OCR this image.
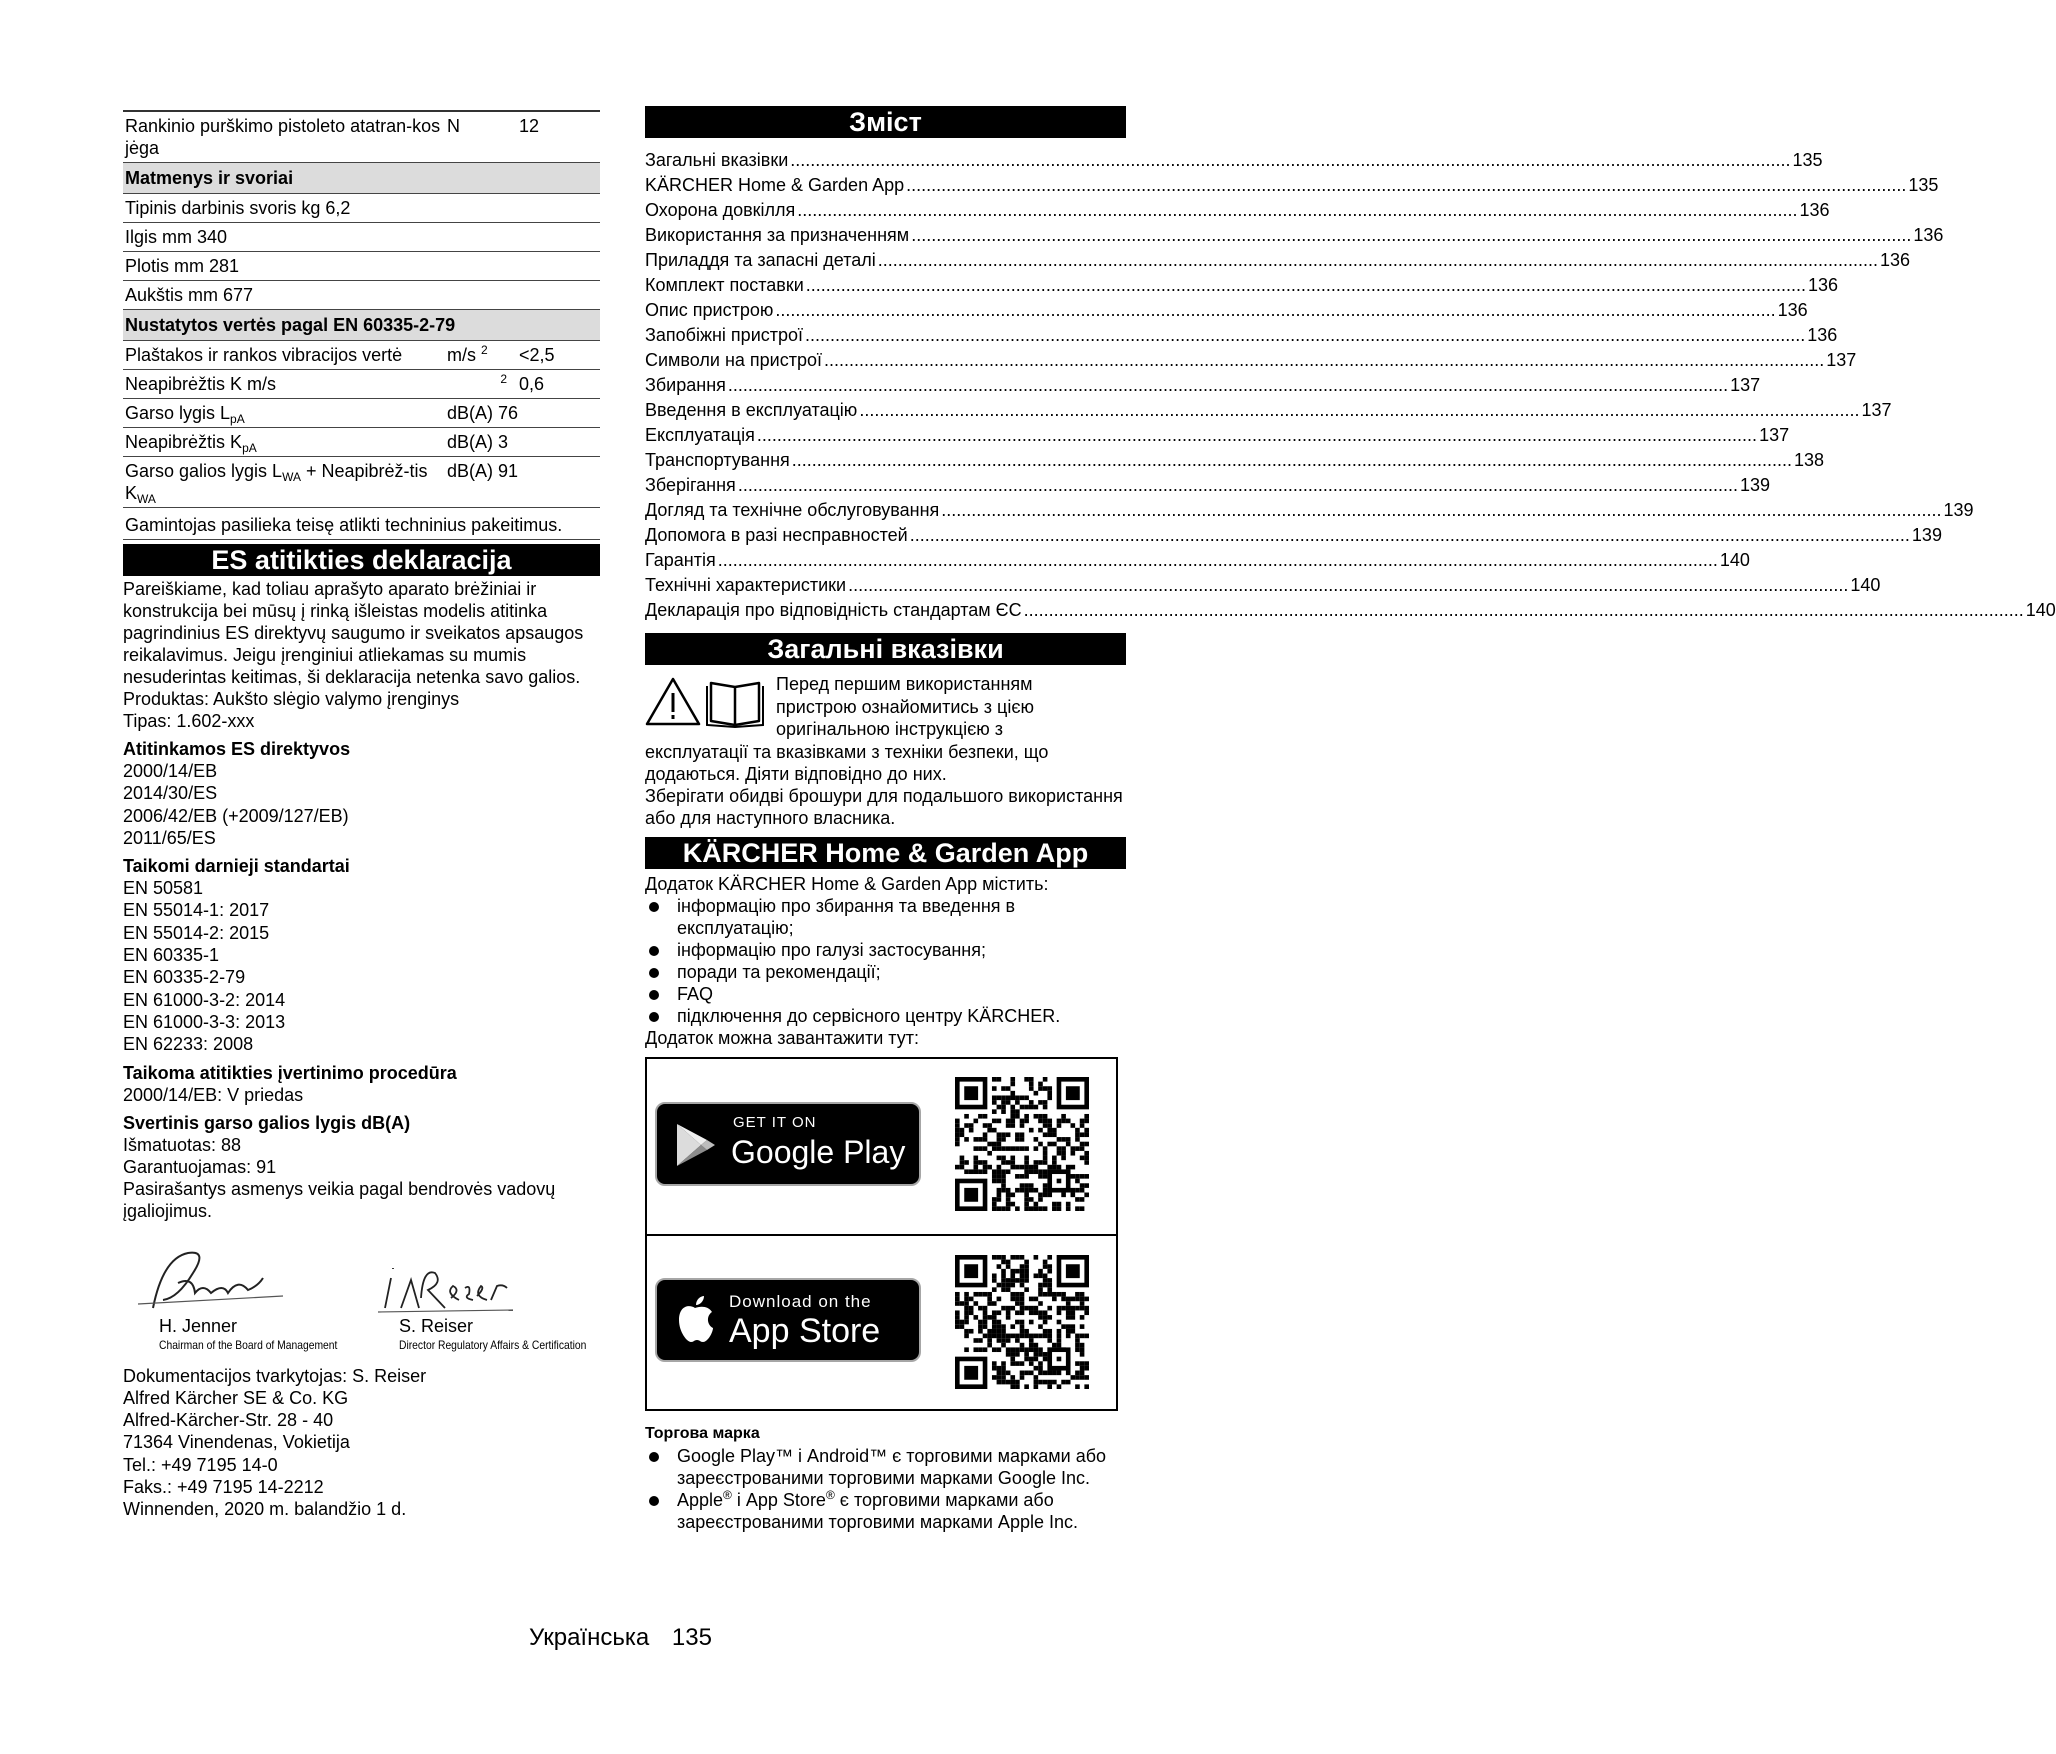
Rankinio purškimo pistoleto atatran-kos jėga	N	12
Matmenys ir svoriai		
Tipinis darbinis svoris kg 6,2		
Ilgis mm 340		
Plotis mm 281		
Aukštis mm 677		
Nustatytos vertės pagal EN 60335-2-79		
Plaštakos ir rankos vibracijos vertė	m/s $^2$	<2,5
Neapibrėžtis K m/s	$^2$	0,6
Garso lygis $L_{pA}$	dB(A) 76	
Neapibrėžtis $K_{pA}$	dB(A) 3	
Garso galios lygis $L_{WA}$ + Neapibrėž-tis $K_{WA}$	dB(A) 91	
Gamintojas pasilieka teisę atlikti techninius pakeitimus.		
ES atitikties deklaracija

Pareiškiame, kad toliau aprašyto aparato brėžiniai ir konstrukcija bei mūsų į rinką išleistas modelis atitinka pagrindinius ES direktyvų saugumo ir sveikatos apsaugos reikalavimus. Jeigu įrenginiui atliekamas su mumis nesuderintas keitimas, ši deklaracija netenka savo galios.

Produktas: Aukšto slėgio valymo įrenginys

Tipas: 1.602-xxx

Atitinkamos ES direktyvos

2000/14/EB
2014/30/ES
2006/42/EB (+2009/127/EB)
2011/65/ES

Taikomi darnieji standartai

EN 50581
EN 55014-1: 2017
EN 55014-2: 2015
EN 60335-1
EN 60335-2-79
EN 61000-3-2: 2014
EN 61000-3-3: 2013
EN 62233: 2008

Taikoma atitikties įvertinimo procedūra

2000/14/EB: V priedas

Svertinis garso galios lygis dB(A)

Išmatuotas: 88

Garantuojamas: 91

Pasirašantys asmenys veikia pagal bendrovės vadovų įgaliojimus.

H. Jenner
Chairman of the Board of Management
S. Reiser
Director Regulatory Affairs & Certification
Dokumentacijos tvarkytojas: S. Reiser
Alfred Kärcher SE & Co. KG
Alfred-Kärcher-Str. 28 - 40
71364 Vinendenas, Vokietija
Tel.: +49 7195 14-0
Faks.: +49 7195 14-2212
Winnenden, 2020 m. balandžio 1 d.
Зміст
Загальні вказівки ........................................................................................................................................................................................................ 135
KÄRCHER Home & Garden App ........................................................................................................................................................................................................ 135
Охорона довкілля ........................................................................................................................................................................................................ 136
Використання за призначенням ........................................................................................................................................................................................................ 136
Приладдя та запасні деталі ........................................................................................................................................................................................................ 136
Комплект поставки ........................................................................................................................................................................................................ 136
Опис пристрою ........................................................................................................................................................................................................ 136
Запобіжні пристрої ........................................................................................................................................................................................................ 136
Символи на пристрої ........................................................................................................................................................................................................ 137
Збирання ........................................................................................................................................................................................................ 137
Введення в експлуатацію ........................................................................................................................................................................................................ 137
Експлуатація ........................................................................................................................................................................................................ 137
Транспортування ........................................................................................................................................................................................................ 138
Зберігання ........................................................................................................................................................................................................ 139
Догляд та технічне обслуговування ........................................................................................................................................................................................................ 139
Допомога в разі несправностей ........................................................................................................................................................................................................ 139
Гарантія ........................................................................................................................................................................................................ 140
Технічні характеристики ........................................................................................................................................................................................................ 140
Декларація про відповідність стандартам ЄС ........................................................................................................................................................................................................ 140
Загальні вказівки
Перед першим використанням
пристрою ознайомитись з цією
оригінальною інструкцією з

експлуатації та вказівками з техніки безпеки, що додаються. Діяти відповідно до них.

Зберігати обидві брошури для подальшого використання або для наступного власника.

KÄRCHER Home & Garden App

Додаток KÄRCHER Home & Garden App містить:

інформацію про збирання та введення в експлуатацію;
інформацію про галузі застосування;
поради та рекомендації;
FAQ
підключення до сервісного центру KÄRCHER.

Додаток можна завантажити тут:

GET IT ON
Google Play
Download on the
App Store

Торгова марка

Google Play™ і Android™ є торговими марками або зареєстрованими торговими марками Google Inc.
Apple® і App Store® є торговими марками або зареєстрованими торговими марками Apple Inc.
Українська 135
